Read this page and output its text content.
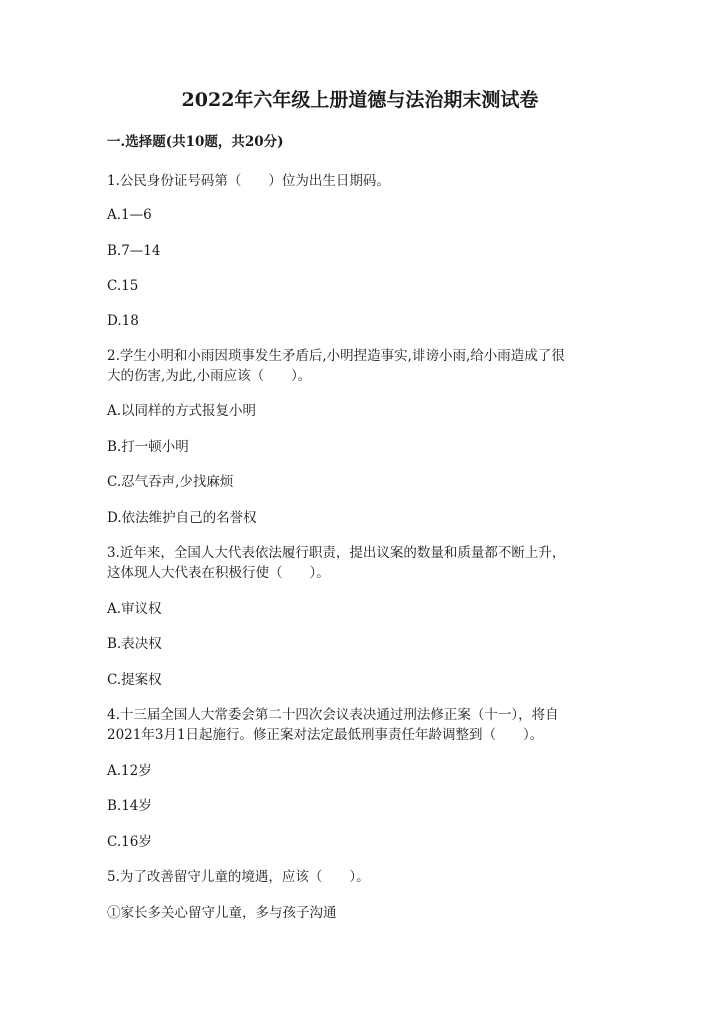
2022年六年级上册道德与法治期末测试卷

一.选择题(共10题，共20分)

1.公民身份证号码第（　　）位为出生日期码。

A.1—6

B.7—14

C.15

D.18

2.学生小明和小雨因琐事发生矛盾后,小明捏造事实,诽谤小雨,给小雨造成了很

大的伤害,为此,小雨应该（　　）。

A.以同样的方式报复小明

B.打一顿小明

C.忍气吞声,少找麻烦

D.依法维护自己的名誉权

3.近年来，全国人大代表依法履行职责，提出议案的数量和质量都不断上升，

这体现人大代表在积极行使（　　）。

A.审议权

B.表决权

C.提案权

4.十三届全国人大常委会第二十四次会议表决通过刑法修正案（十一），将自

2021年3月1日起施行。修正案对法定最低刑事责任年龄调整到（　　）。

A.12岁

B.14岁

C.16岁

5.为了改善留守儿童的境遇，应该（　　）。

①家长多关心留守儿童，多与孩子沟通
